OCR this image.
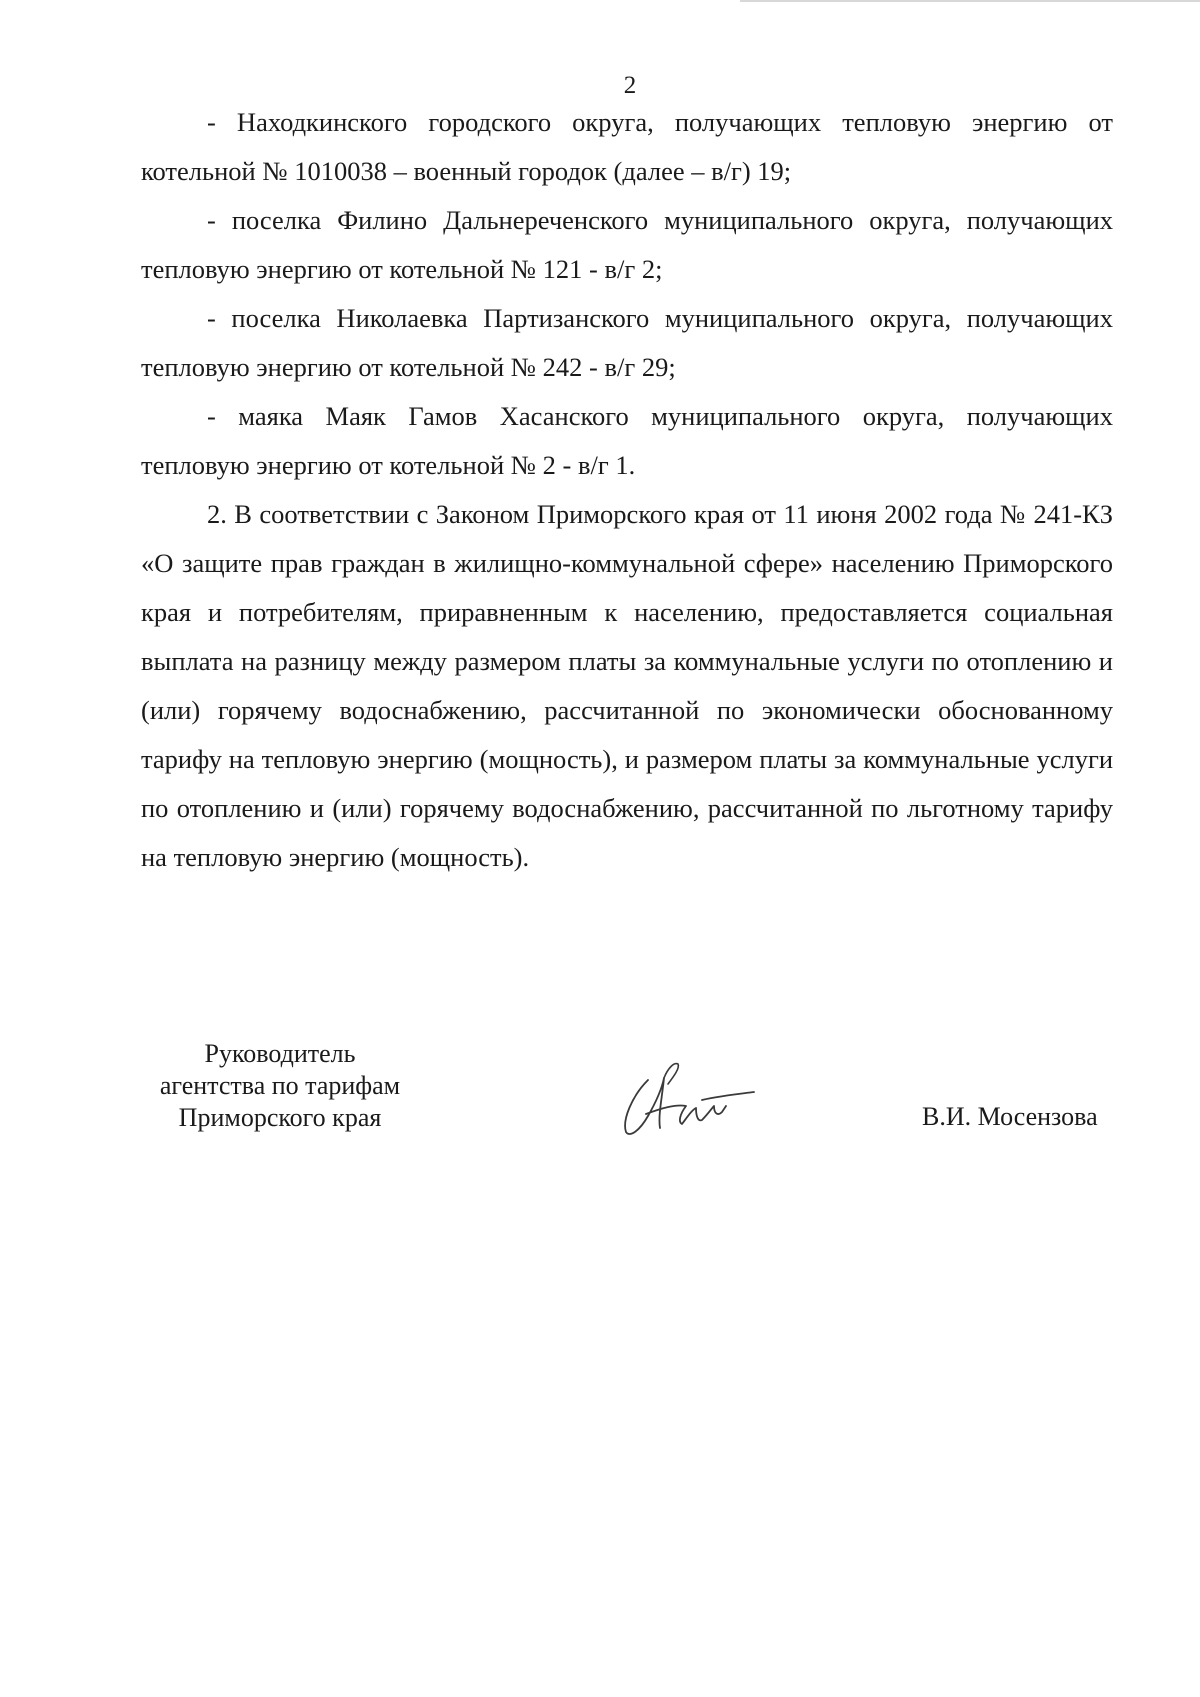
2

- Находкинского городского округа, получающих тепловую энергию от котельной № 1010038 – военный городок (далее – в/г) 19;

- поселка Филино Дальнереченского муниципального округа, получающих тепловую энергию от котельной № 121 - в/г 2;

- поселка Николаевка Партизанского муниципального округа, получающих тепловую энергию от котельной № 242 - в/г 29;

- маяка Маяк Гамов Хасанского муниципального округа, получающих тепловую энергию от котельной № 2 - в/г 1.

2. В соответствии с Законом Приморского края от 11 июня 2002 года № 241-КЗ «О защите прав граждан в жилищно-коммунальной сфере» населению Приморского края и потребителям, приравненным к населению, предоставляется социальная выплата на разницу между размером платы за коммунальные услуги по отоплению и (или) горячему водоснабжению, рассчитанной по экономически обоснованному тарифу на тепловую энергию (мощность), и размером платы за коммунальные услуги по отоплению и (или) горячему водоснабжению, рассчитанной по льготному тарифу на тепловую энергию (мощность).

Руководитель
агентства по тарифам
Приморского края	В.И. Мосензова
